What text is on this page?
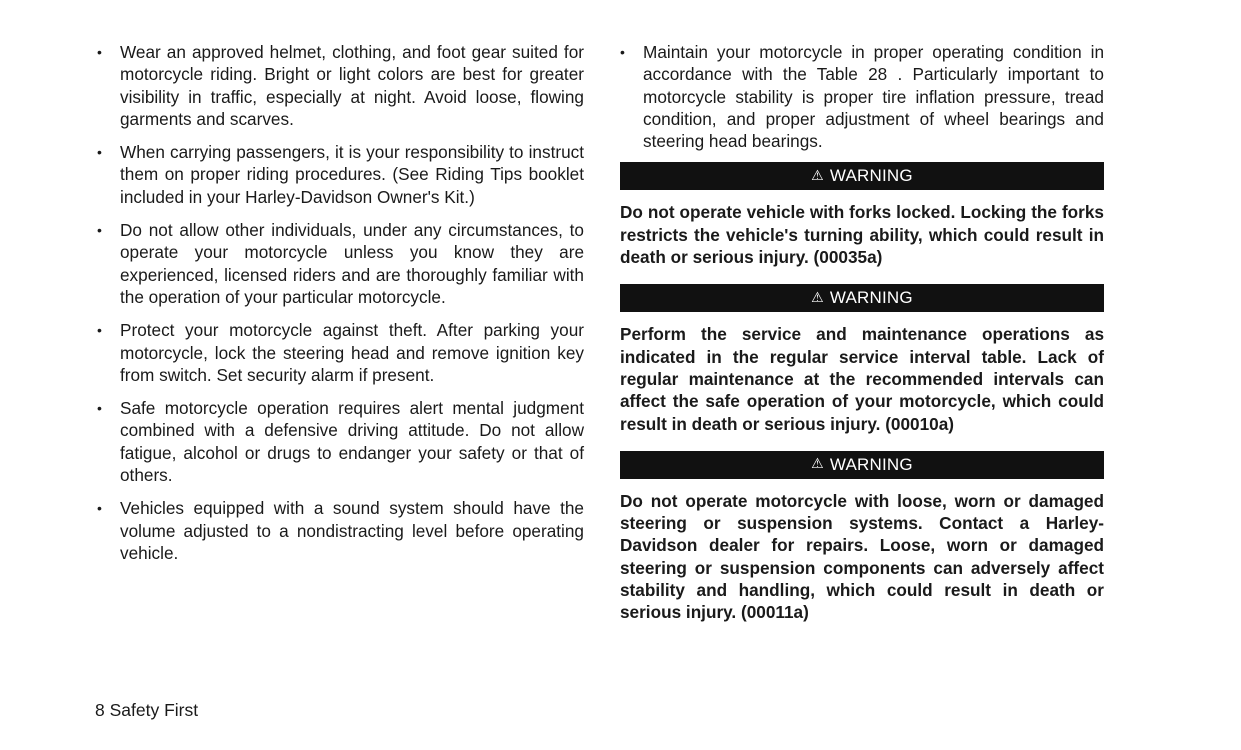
• Wear an approved helmet, clothing, and foot gear suited for motorcycle riding. Bright or light colors are best for greater visibility in traffic, especially at night. Avoid loose, flowing garments and scarves.
• When carrying passengers, it is your responsibility to instruct them on proper riding procedures. (See Riding Tips booklet included in your Harley-Davidson Owner's Kit.)
• Do not allow other individuals, under any circumstances, to operate your motorcycle unless you know they are experienced, licensed riders and are thoroughly familiar with the operation of your particular motorcycle.
• Protect your motorcycle against theft. After parking your motorcycle, lock the steering head and remove ignition key from switch. Set security alarm if present.
• Safe motorcycle operation requires alert mental judgment combined with a defensive driving attitude. Do not allow fatigue, alcohol or drugs to endanger your safety or that of others.
• Vehicles equipped with a sound system should have the volume adjusted to a nondistracting level before operating vehicle.
• Maintain your motorcycle in proper operating condition in accordance with the Table 28 . Particularly important to motorcycle stability is proper tire inflation pressure, tread condition, and proper adjustment of wheel bearings and steering head bearings.
⚠ WARNING
Do not operate vehicle with forks locked. Locking the forks restricts the vehicle's turning ability, which could result in death or serious injury. (00035a)
⚠ WARNING
Perform the service and maintenance operations as indicated in the regular service interval table. Lack of regular maintenance at the recommended intervals can affect the safe operation of your motorcycle, which could result in death or serious injury. (00010a)
⚠ WARNING
Do not operate motorcycle with loose, worn or damaged steering or suspension systems. Contact a Harley-Davidson dealer for repairs. Loose, worn or damaged steering or suspension components can adversely affect stability and handling, which could result in death or serious injury. (00011a)
8 Safety First
